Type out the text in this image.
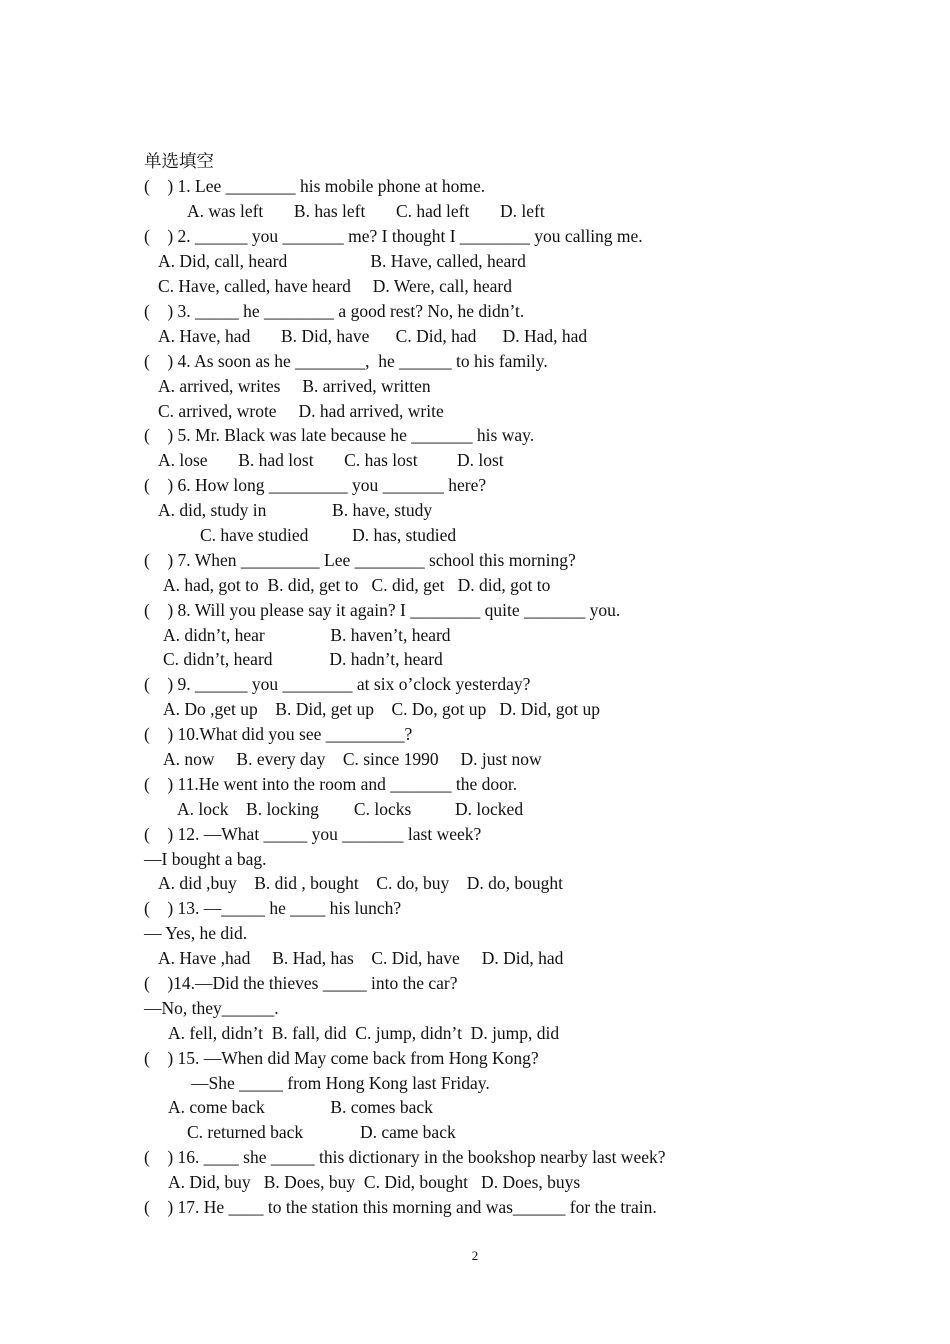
单选填空
(    ) 1. Lee ________ his mobile phone at home.
A. was left       B. has left       C. had left       D. left
(    ) 2. ______ you _______ me? I thought I ________ you calling me.
A. Did, call, heard                   B. Have, called, heard
C. Have, called, have heard     D. Were, call, heard
(    ) 3. _____ he ________ a good rest? No, he didn’t.
A. Have, had       B. Did, have      C. Did, had      D. Had, had
(    ) 4. As soon as he ________,  he ______ to his family.
A. arrived, writes     B. arrived, written
C. arrived, wrote     D. had arrived, write
(    ) 5. Mr. Black was late because he _______ his way.
A. lose       B. had lost       C. has lost         D. lost
(    ) 6. How long _________ you _______ here?
A. did, study in               B. have, study
C. have studied          D. has, studied
(    ) 7. When _________ Lee ________ school this morning?
A. had, got to  B. did, get to   C. did, get   D. did, got to
(    ) 8. Will you please say it again? I ________ quite _______ you.
A. didn’t, hear               B. haven’t, heard
C. didn’t, heard             D. hadn’t, heard
(    ) 9. ______ you ________ at six o’clock yesterday?
A. Do ,get up    B. Did, get up    C. Do, got up   D. Did, got up
(    ) 10.What did you see _________?
A. now     B. every day    C. since 1990     D. just now
(    ) 11.He went into the room and _______ the door.
A. lock    B. locking        C. locks          D. locked
(    ) 12. —What _____ you _______ last week?
—I bought a bag.
A. did ,buy    B. did , bought    C. do, buy    D. do, bought
(    ) 13. —_____ he ____ his lunch?
— Yes, he did.
A. Have ,had     B. Had, has    C. Did, have     D. Did, had
(    )14.—Did the thieves _____ into the car?
—No, they______.
A. fell, didn’t  B. fall, did  C. jump, didn’t  D. jump, did
(    ) 15. —When did May come back from Hong Kong?
—She _____ from Hong Kong last Friday.
A. come back               B. comes back
C. returned back             D. came back
(    ) 16. ____ she _____ this dictionary in the bookshop nearby last week?
A. Did, buy   B. Does, buy  C. Did, bought   D. Does, buys
(    ) 17. He ____ to the station this morning and was______ for the train.
2
